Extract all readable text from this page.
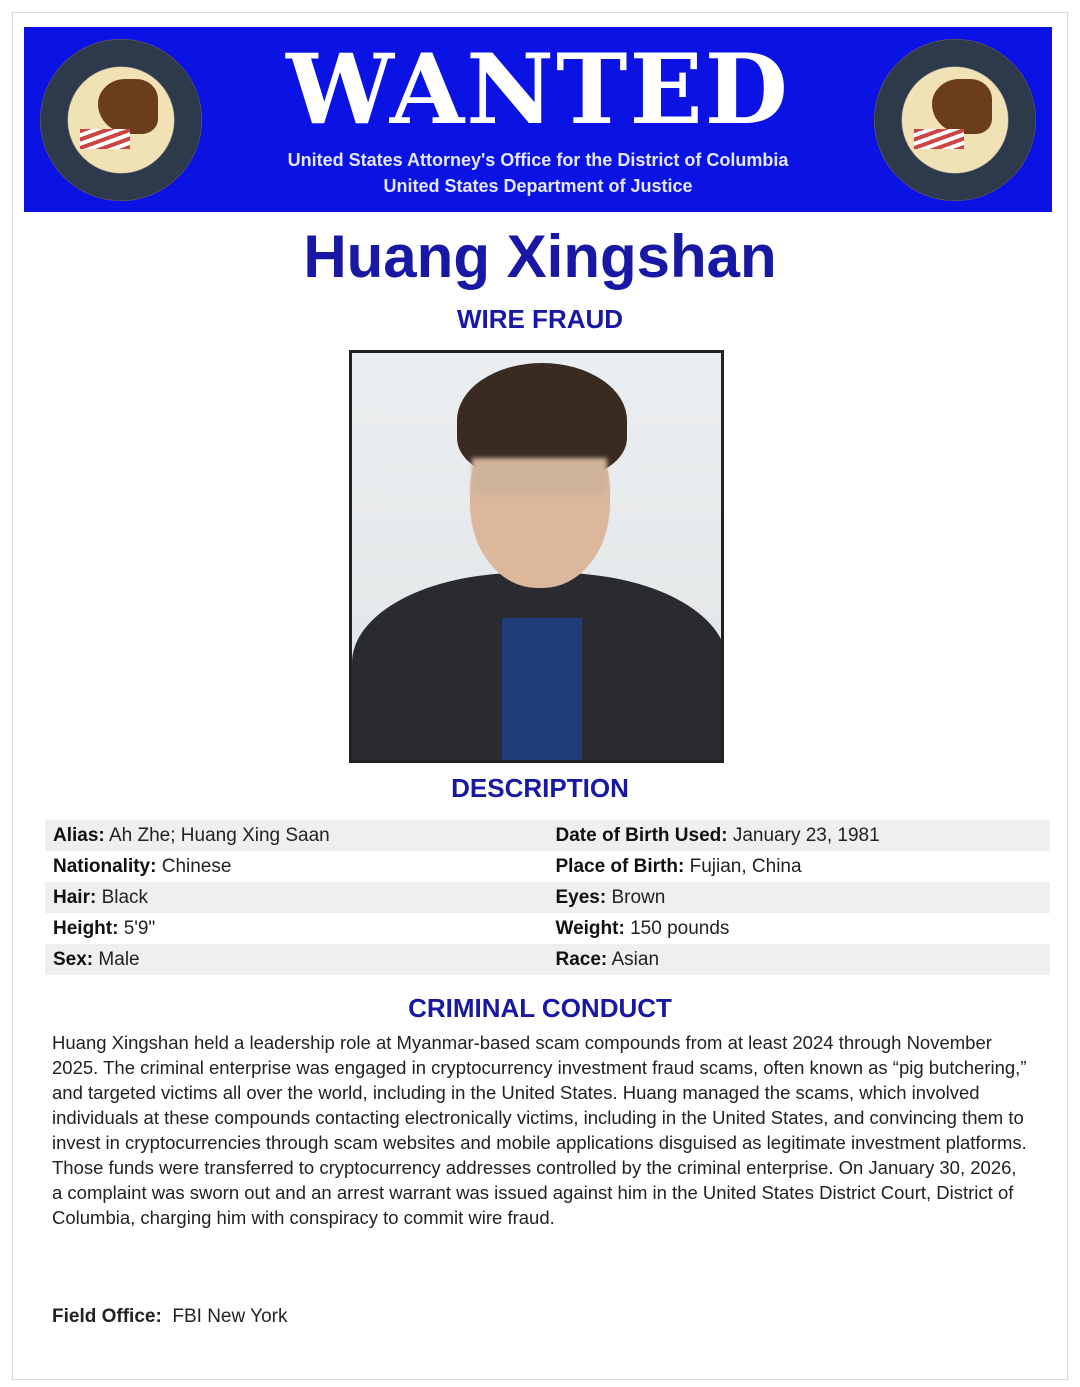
WANTED
United States Attorney's Office for the District of Columbia
United States Department of Justice
Huang Xingshan
WIRE FRAUD
DESCRIPTION
Alias: Ah Zhe; Huang Xing Saan	Date of Birth Used: January 23, 1981
Nationality: Chinese	Place of Birth: Fujian, China
Hair: Black	Eyes: Brown
Height: 5'9"	Weight: 150 pounds
Sex: Male	Race: Asian
CRIMINAL CONDUCT
Huang Xingshan held a leadership role at Myanmar-based scam compounds from at least 2024 through November 2025. The criminal enterprise was engaged in cryptocurrency investment fraud scams, often known as “pig butchering,” and targeted victims all over the world, including in the United States. Huang managed the scams, which involved individuals at these compounds contacting electronically victims, including in the United States, and convincing them to invest in cryptocurrencies through scam websites and mobile applications disguised as legitimate investment platforms. Those funds were transferred to cryptocurrency addresses controlled by the criminal enterprise. On January 30, 2026, a complaint was sworn out and an arrest warrant was issued against him in the United States District Court, District of Columbia, charging him with conspiracy to commit wire fraud.
Field Office: FBI New York
